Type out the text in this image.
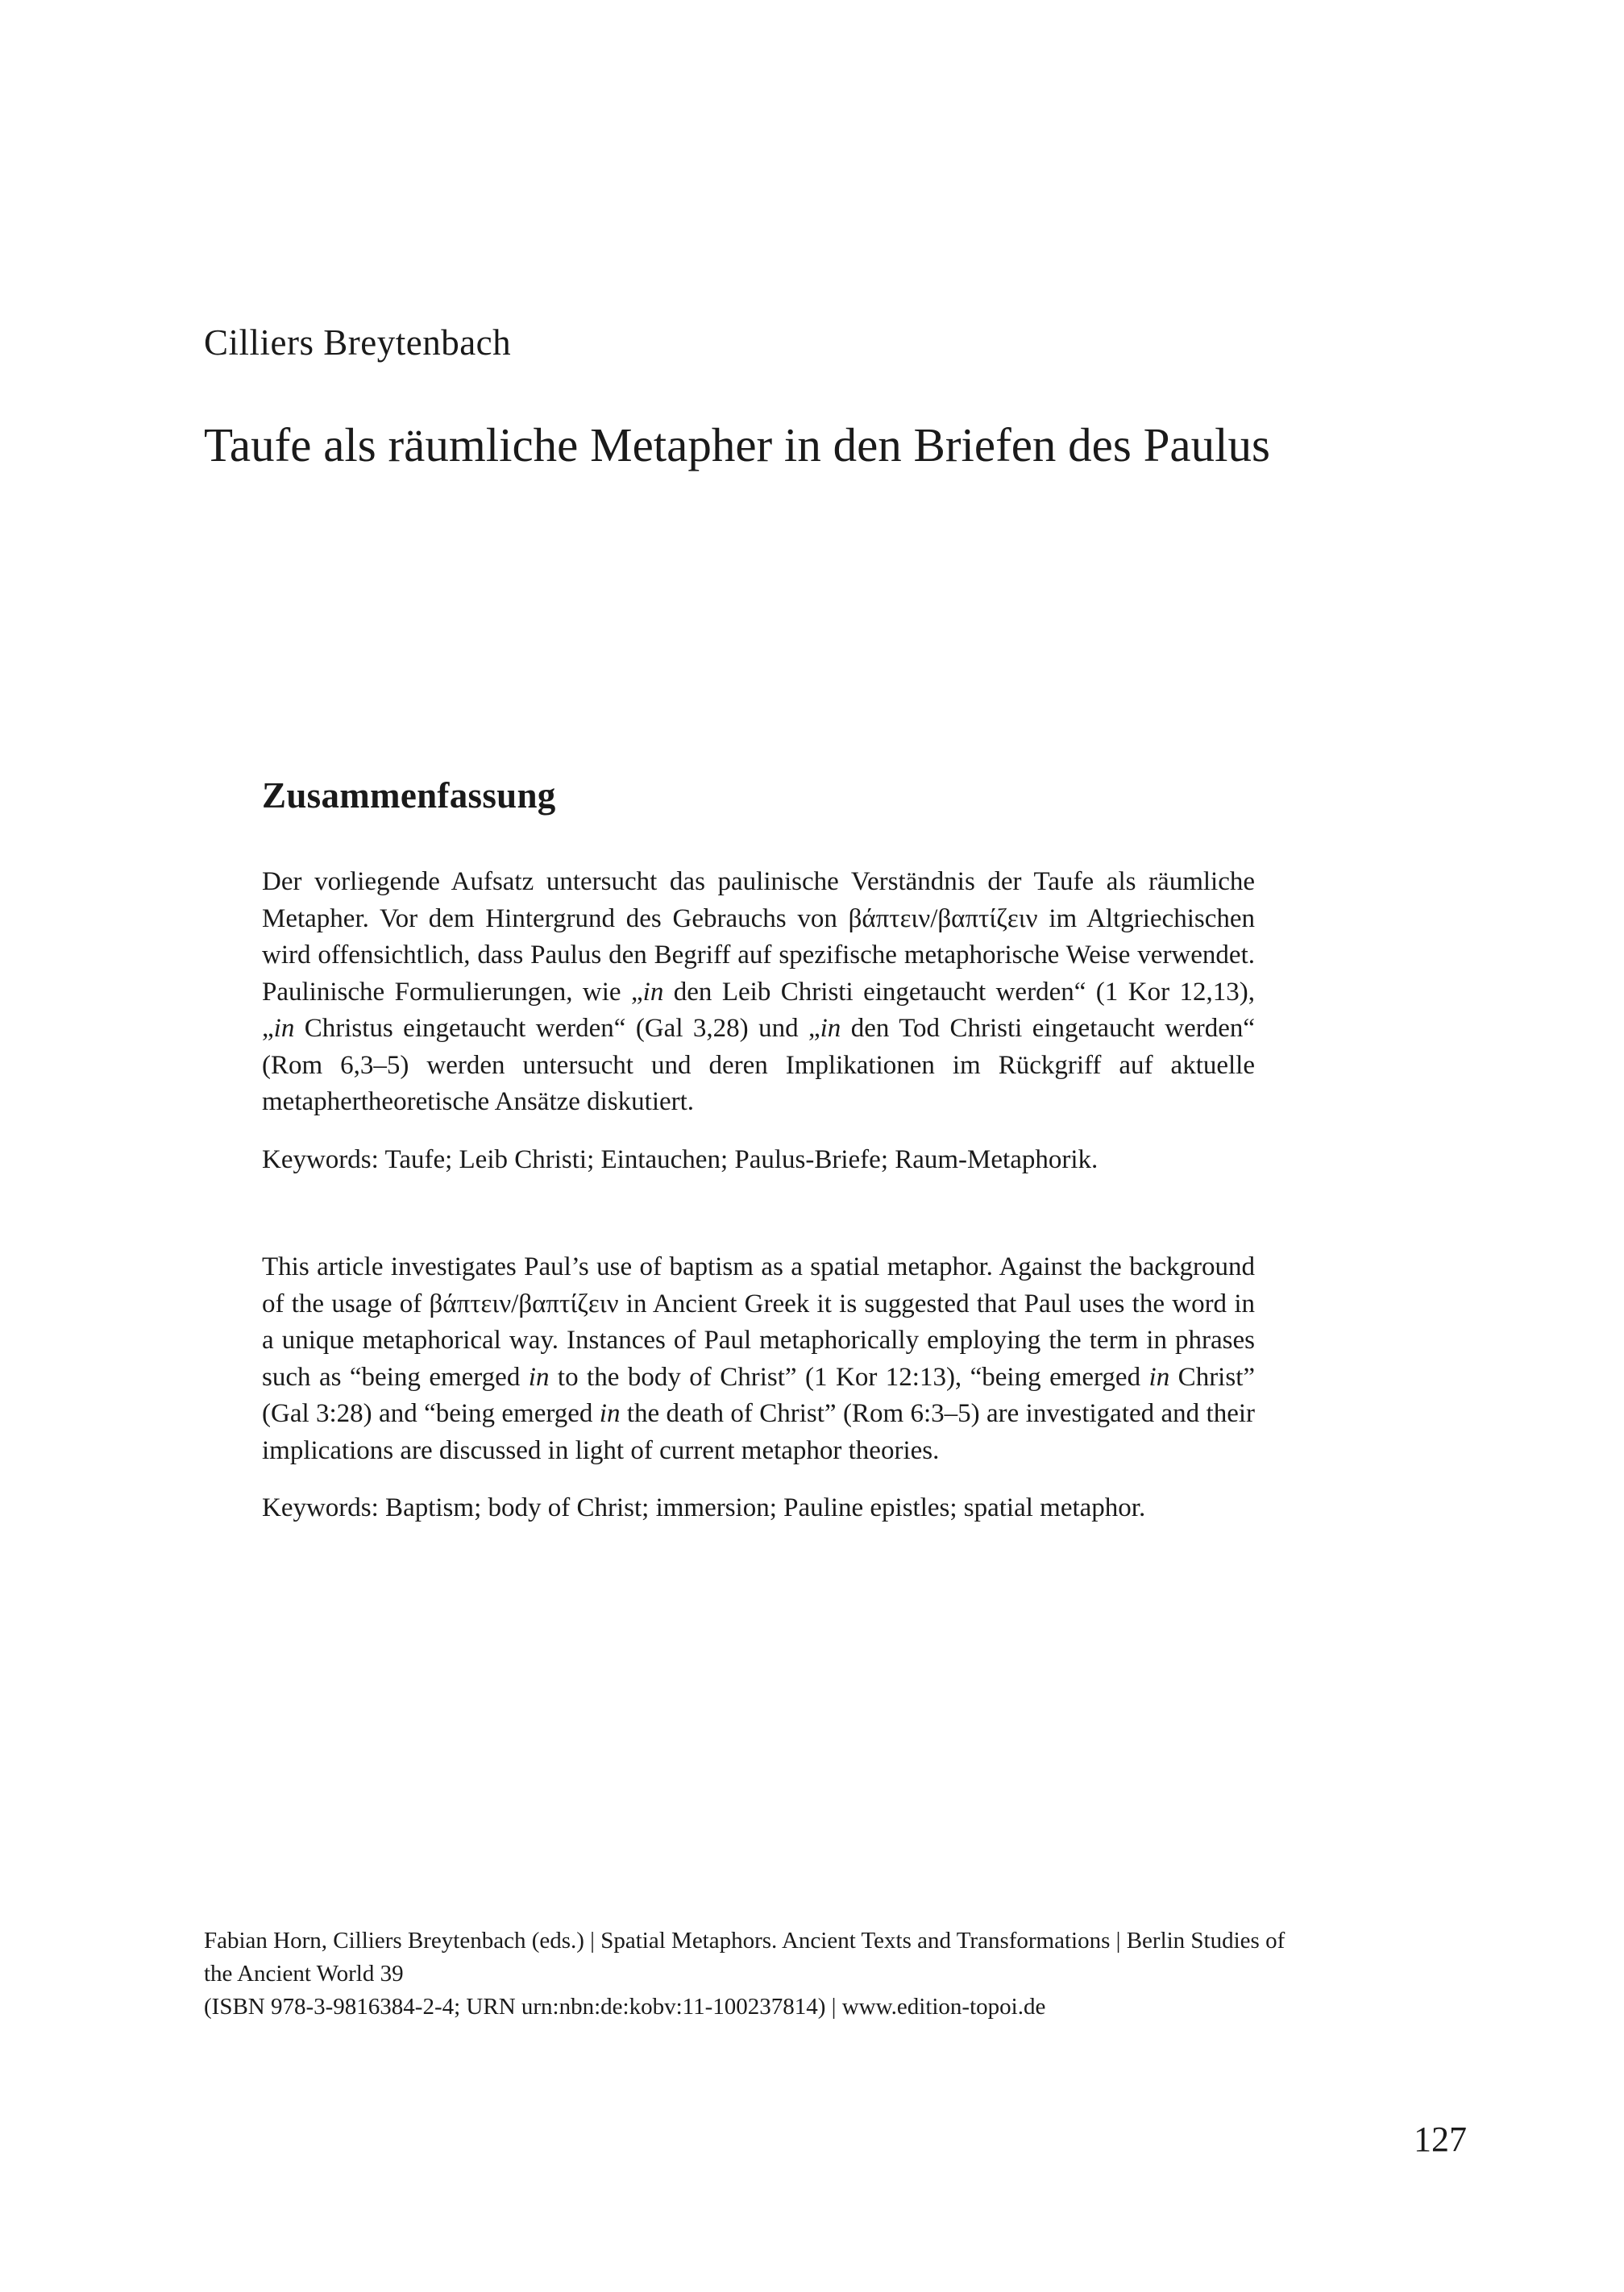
Cilliers Breytenbach
Taufe als räumliche Metapher in den Briefen des Paulus
Zusammenfassung

Der vorliegende Aufsatz untersucht das paulinische Verständnis der Taufe als räumliche Metapher. Vor dem Hintergrund des Gebrauchs von βάπτειν/βαπτίζειν im Altgriechischen wird offensichtlich, dass Paulus den Begriff auf spezifische metaphorische Weise verwendet. Paulinische Formulierungen, wie „in den Leib Christi eingetaucht werden“ (1 Kor 12,13), „in Christus eingetaucht werden“ (Gal 3,28) und „in den Tod Christi eingetaucht werden“ (Rom 6,3–5) werden untersucht und deren Implikationen im Rückgriff auf aktuelle metaphertheoretische Ansätze diskutiert.

Keywords: Taufe; Leib Christi; Eintauchen; Paulus-Briefe; Raum-Metaphorik.

This article investigates Paul’s use of baptism as a spatial metaphor. Against the background of the usage of βάπτειν/βαπτίζειν in Ancient Greek it is suggested that Paul uses the word in a unique metaphorical way. Instances of Paul metaphorically employing the term in phrases such as “being emerged in to the body of Christ” (1 Kor 12:13), “being emerged in Christ” (Gal 3:28) and “being emerged in the death of Christ” (Rom 6:3–5) are investigated and their implications are discussed in light of current metaphor theories.

Keywords: Baptism; body of Christ; immersion; Pauline epistles; spatial metaphor.

Fabian Horn, Cilliers Breytenbach (eds.) | Spatial Metaphors. Ancient Texts and Transformations | Berlin Studies of the Ancient World 39
(ISBN 978-3-9816384-2-4; URN urn:nbn:de:kobv:11-100237814) | www.edition-topoi.de
127
